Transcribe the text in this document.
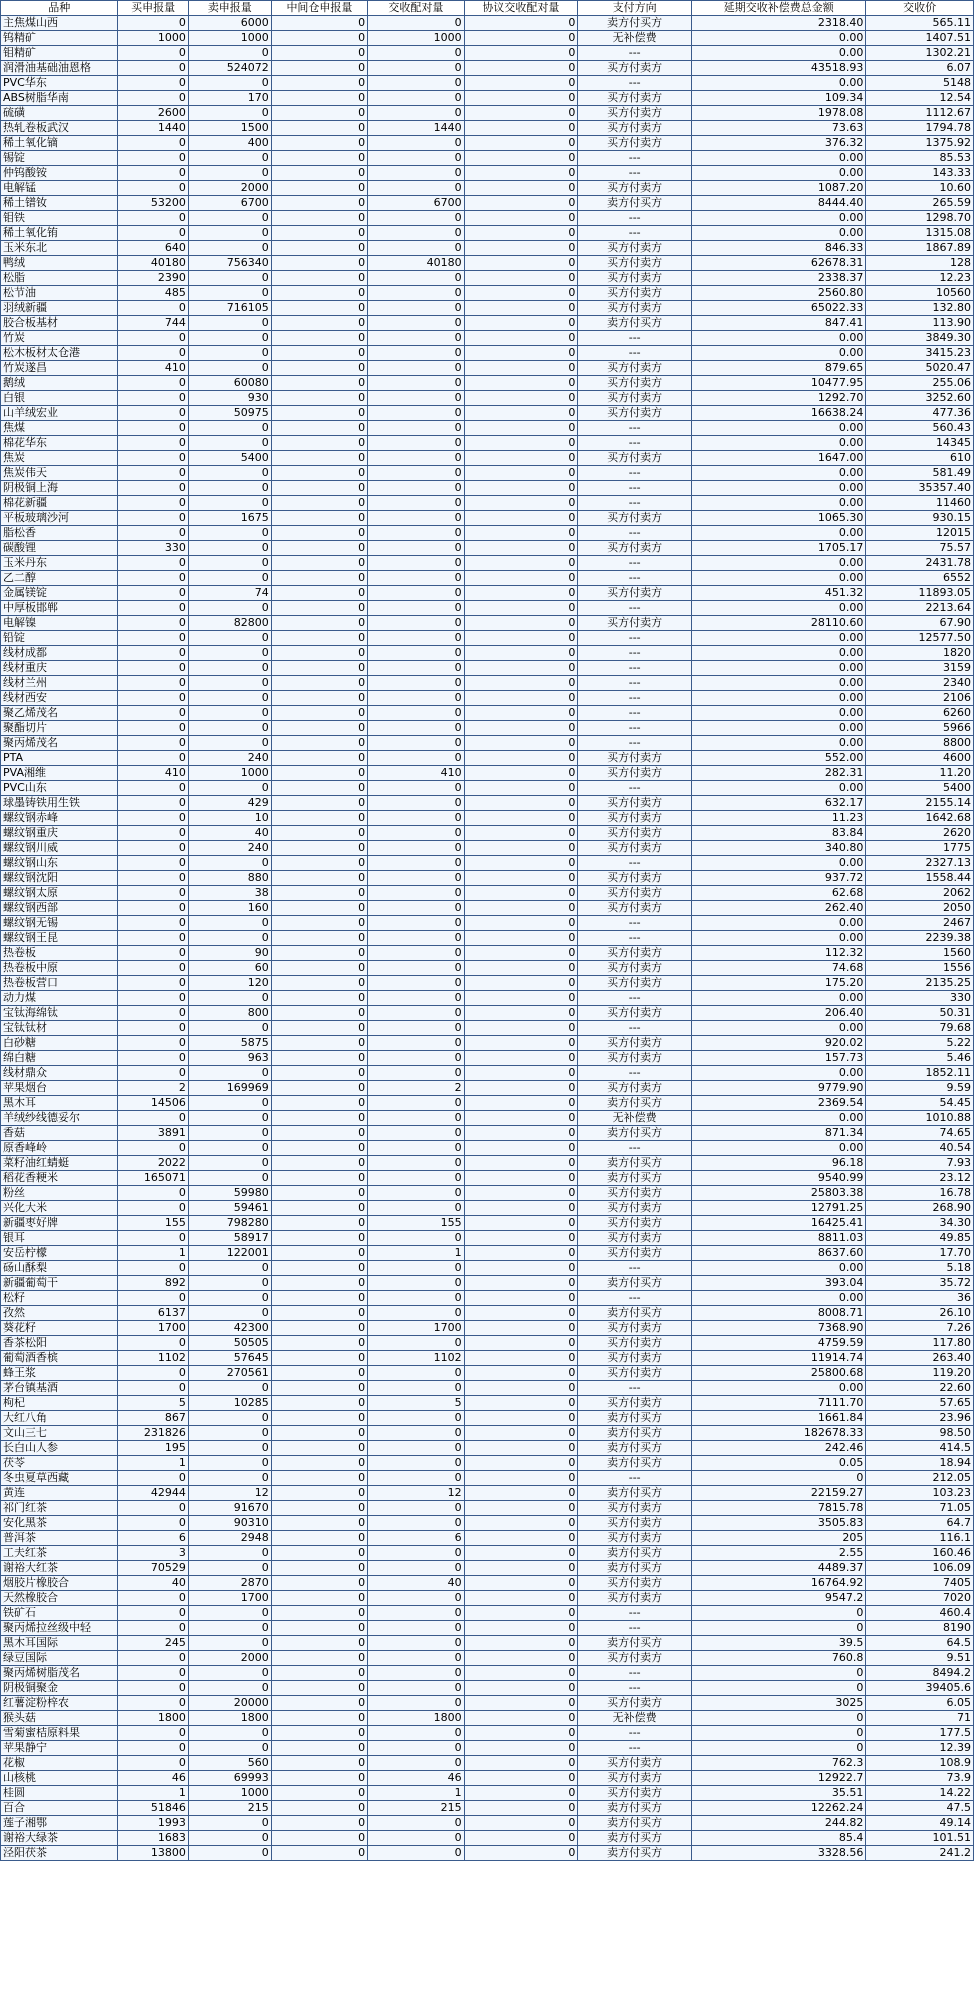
品种	买申报量	卖申报量	中间仓申报量	交收配对量	协议交收配对量	支付方向	延期交收补偿费总金额	交收价
主焦煤山西	0	6000	0	0	0	卖方付买方	2318.40	565.11
钨精矿	1000	1000	0	1000	0	无补偿费	0.00	1407.51
钼精矿	0	0	0	0	0	---	0.00	1302.21
润滑油基础油恩格	0	524072	0	0	0	买方付卖方	43518.93	6.07
PVC华东	0	0	0	0	0	---	0.00	5148
ABS树脂华南	0	170	0	0	0	买方付卖方	109.34	12.54
硫磺	2600	0	0	0	0	买方付卖方	1978.08	1112.67
热轧卷板武汉	1440	1500	0	1440	0	买方付卖方	73.63	1794.78
稀土氧化镝	0	400	0	0	0	买方付卖方	376.32	1375.92
锡锭	0	0	0	0	0	---	0.00	85.53
仲钨酸铵	0	0	0	0	0	---	0.00	143.33
电解锰	0	2000	0	0	0	买方付卖方	1087.20	10.60
稀土镨钕	53200	6700	0	6700	0	卖方付买方	8444.40	265.59
钼铁	0	0	0	0	0	---	0.00	1298.70
稀土氧化铕	0	0	0	0	0	---	0.00	1315.08
玉米东北	640	0	0	0	0	买方付卖方	846.33	1867.89
鸭绒	40180	756340	0	40180	0	买方付卖方	62678.31	128
松脂	2390	0	0	0	0	买方付卖方	2338.37	12.23
松节油	485	0	0	0	0	买方付卖方	2560.80	10560
羽绒新疆	0	716105	0	0	0	买方付卖方	65022.33	132.80
胶合板基材	744	0	0	0	0	卖方付买方	847.41	113.90
竹炭	0	0	0	0	0	---	0.00	3849.30
松木板材太仓港	0	0	0	0	0	---	0.00	3415.23
竹炭遂昌	410	0	0	0	0	买方付卖方	879.65	5020.47
鹅绒	0	60080	0	0	0	买方付卖方	10477.95	255.06
白银	0	930	0	0	0	买方付卖方	1292.70	3252.60
山羊绒宏业	0	50975	0	0	0	买方付卖方	16638.24	477.36
焦煤	0	0	0	0	0	---	0.00	560.43
棉花华东	0	0	0	0	0	---	0.00	14345
焦炭	0	5400	0	0	0	买方付卖方	1647.00	610
焦炭伟天	0	0	0	0	0	---	0.00	581.49
阴极铜上海	0	0	0	0	0	---	0.00	35357.40
棉花新疆	0	0	0	0	0	---	0.00	11460
平板玻璃沙河	0	1675	0	0	0	买方付卖方	1065.30	930.15
脂松香	0	0	0	0	0	---	0.00	12015
碳酸锂	330	0	0	0	0	买方付卖方	1705.17	75.57
玉米丹东	0	0	0	0	0	---	0.00	2431.78
乙二醇	0	0	0	0	0	---	0.00	6552
金属镁锭	0	74	0	0	0	买方付卖方	451.32	11893.05
中厚板邯郸	0	0	0	0	0	---	0.00	2213.64
电解镍	0	82800	0	0	0	买方付卖方	28110.60	67.90
铅锭	0	0	0	0	0	---	0.00	12577.50
线材成都	0	0	0	0	0	---	0.00	1820
线材重庆	0	0	0	0	0	---	0.00	3159
线材兰州	0	0	0	0	0	---	0.00	2340
线材西安	0	0	0	0	0	---	0.00	2106
聚乙烯茂名	0	0	0	0	0	---	0.00	6260
聚酯切片	0	0	0	0	0	---	0.00	5966
聚丙烯茂名	0	0	0	0	0	---	0.00	8800
PTA	0	240	0	0	0	买方付卖方	552.00	4600
PVA湘维	410	1000	0	410	0	买方付卖方	282.31	11.20
PVC山东	0	0	0	0	0	---	0.00	5400
球墨铸铁用生铁	0	429	0	0	0	买方付卖方	632.17	2155.14
螺纹钢赤峰	0	10	0	0	0	买方付卖方	11.23	1642.68
螺纹钢重庆	0	40	0	0	0	买方付卖方	83.84	2620
螺纹钢川威	0	240	0	0	0	买方付卖方	340.80	1775
螺纹钢山东	0	0	0	0	0	---	0.00	2327.13
螺纹钢沈阳	0	880	0	0	0	买方付卖方	937.72	1558.44
螺纹钢太原	0	38	0	0	0	买方付卖方	62.68	2062
螺纹钢西部	0	160	0	0	0	买方付卖方	262.40	2050
螺纹钢无锡	0	0	0	0	0	---	0.00	2467
螺纹钢王昆	0	0	0	0	0	---	0.00	2239.38
热卷板	0	90	0	0	0	买方付卖方	112.32	1560
热卷板中原	0	60	0	0	0	买方付卖方	74.68	1556
热卷板营口	0	120	0	0	0	买方付卖方	175.20	2135.25
动力煤	0	0	0	0	0	---	0.00	330
宝钛海绵钛	0	800	0	0	0	买方付卖方	206.40	50.31
宝钛钛材	0	0	0	0	0	---	0.00	79.68
白砂糖	0	5875	0	0	0	买方付卖方	920.02	5.22
绵白糖	0	963	0	0	0	买方付卖方	157.73	5.46
线材鼎众	0	0	0	0	0	---	0.00	1852.11
苹果烟台	2	169969	0	2	0	买方付卖方	9779.90	9.59
黑木耳	14506	0	0	0	0	卖方付买方	2369.54	54.45
羊绒纱线德妥尔	0	0	0	0	0	无补偿费	0.00	1010.88
香菇	3891	0	0	0	0	卖方付买方	871.34	74.65
原香峰岭	0	0	0	0	0	---	0.00	40.54
菜籽油红蜻蜓	2022	0	0	0	0	卖方付买方	96.18	7.93
稻花香粳米	165071	0	0	0	0	卖方付买方	9540.99	23.12
粉丝	0	59980	0	0	0	买方付卖方	25803.38	16.78
兴化大米	0	59461	0	0	0	买方付卖方	12791.25	268.90
新疆枣好牌	155	798280	0	155	0	买方付卖方	16425.41	34.30
银耳	0	58917	0	0	0	买方付卖方	8811.03	49.85
安岳柠檬	1	122001	0	1	0	买方付卖方	8637.60	17.70
砀山酥梨	0	0	0	0	0	---	0.00	5.18
新疆葡萄干	892	0	0	0	0	卖方付买方	393.04	35.72
松籽	0	0	0	0	0	---	0.00	36
孜然	6137	0	0	0	0	卖方付买方	8008.71	26.10
葵花籽	1700	42300	0	1700	0	买方付卖方	7368.90	7.26
香茶松阳	0	50505	0	0	0	买方付卖方	4759.59	117.80
葡萄酒香槟	1102	57645	0	1102	0	买方付卖方	11914.74	263.40
蜂王浆	0	270561	0	0	0	买方付卖方	25800.68	119.20
茅台镇基酒	0	0	0	0	0	---	0.00	22.60
枸杞	5	10285	0	5	0	买方付卖方	7111.70	57.65
大红八角	867	0	0	0	0	卖方付买方	1661.84	23.96
文山三七	231826	0	0	0	0	卖方付买方	182678.33	98.50
长白山人参	195	0	0	0	0	卖方付买方	242.46	414.5
茯苓	1	0	0	0	0	卖方付买方	0.05	18.94
冬虫夏草西藏	0	0	0	0	0	---	0	212.05
黄连	42944	12	0	12	0	卖方付买方	22159.27	103.23
祁门红茶	0	91670	0	0	0	买方付卖方	7815.78	71.05
安化黑茶	0	90310	0	0	0	买方付卖方	3505.83	64.7
普洱茶	6	2948	0	6	0	买方付卖方	205	116.1
工夫红茶	3	0	0	0	0	卖方付买方	2.55	160.46
谢裕大红茶	70529	0	0	0	0	卖方付买方	4489.37	106.09
烟胶片橡胶合	40	2870	0	40	0	买方付卖方	16764.92	7405
天然橡胶合	0	1700	0	0	0	买方付卖方	9547.2	7020
铁矿石	0	0	0	0	0	---	0	460.4
聚丙烯拉丝级中轻	0	0	0	0	0	---	0	8190
黑木耳国际	245	0	0	0	0	卖方付买方	39.5	64.5
绿豆国际	0	2000	0	0	0	买方付卖方	760.8	9.51
聚丙烯树脂茂名	0	0	0	0	0	---	0	8494.2
阴极铜聚金	0	0	0	0	0	---	0	39405.6
红薯淀粉梓农	0	20000	0	0	0	买方付卖方	3025	6.05
猴头菇	1800	1800	0	1800	0	无补偿费	0	71
雪菊蜜桔原料果	0	0	0	0	0	---	0	177.5
苹果静宁	0	0	0	0	0	---	0	12.39
花椒	0	560	0	0	0	买方付卖方	762.3	108.9
山核桃	46	69993	0	46	0	买方付卖方	12922.7	73.9
桂圆	1	1000	0	1	0	买方付卖方	35.51	14.22
百合	51846	215	0	215	0	卖方付买方	12262.24	47.5
莲子湘鄂	1993	0	0	0	0	卖方付买方	244.82	49.14
谢裕大绿茶	1683	0	0	0	0	卖方付买方	85.4	101.51
泾阳茯茶	13800	0	0	0	0	卖方付买方	3328.56	241.2
